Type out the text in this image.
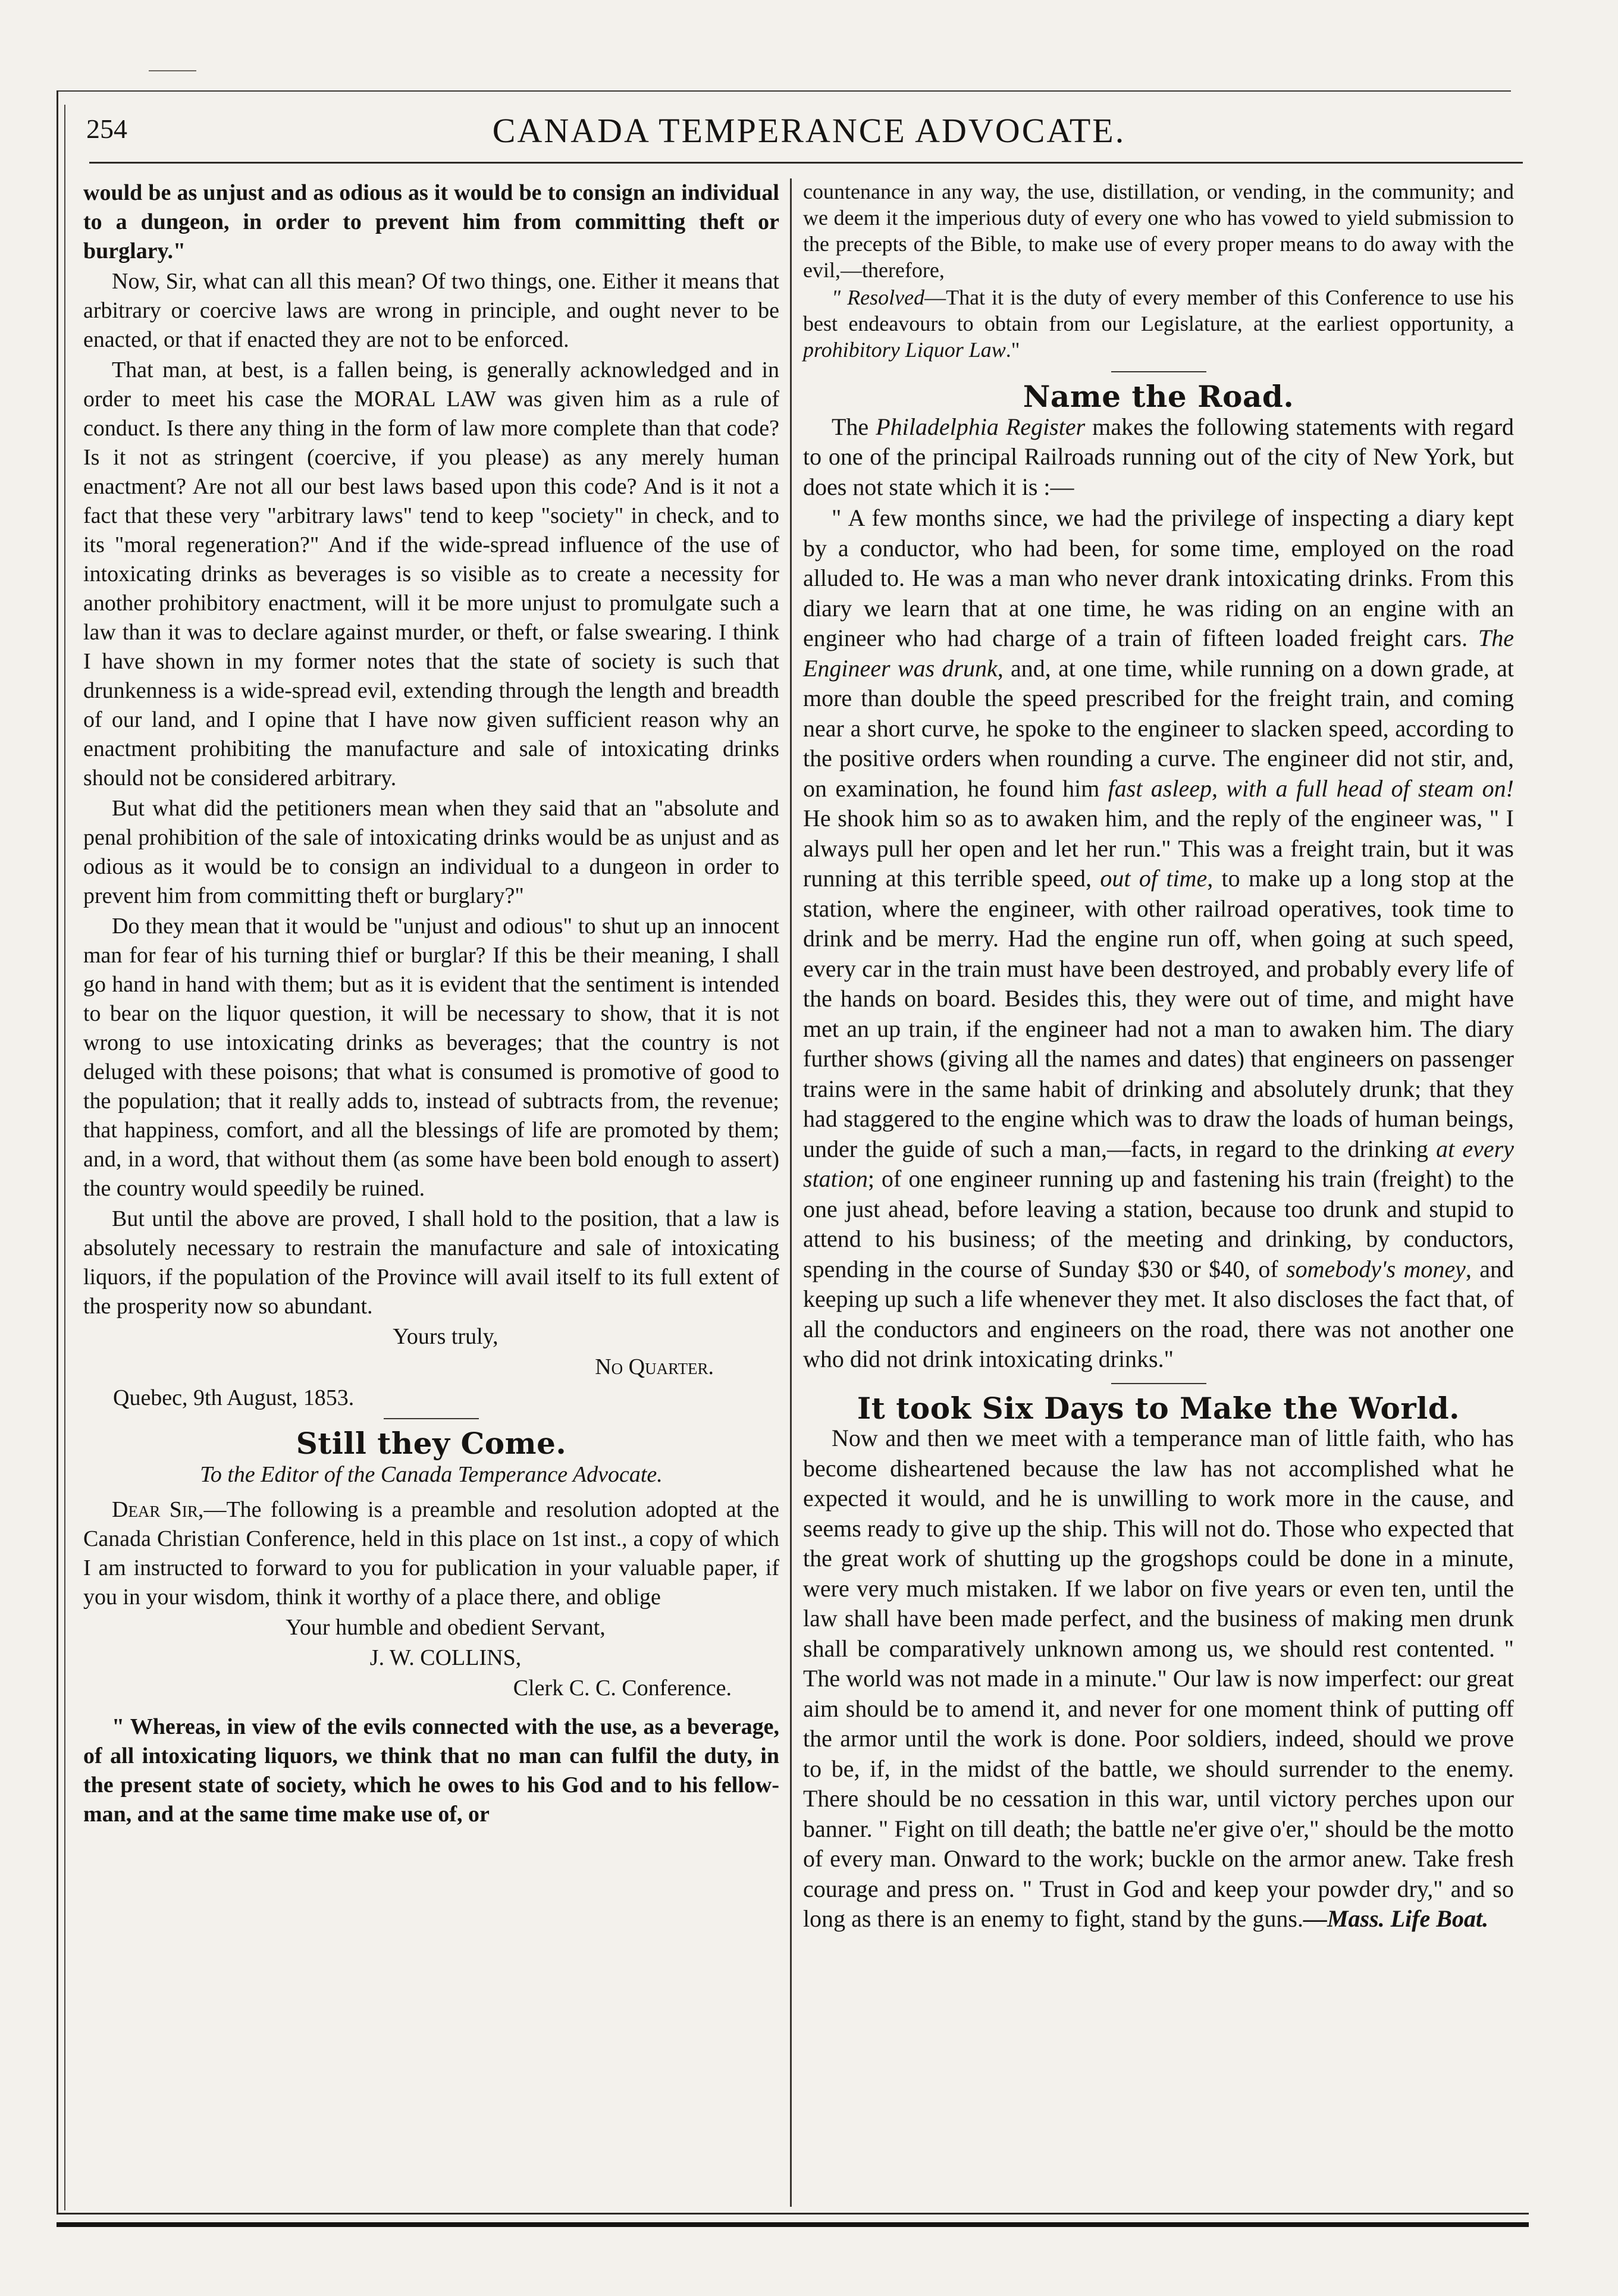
254	CANADA TEMPERANCE ADVOCATE.

would be as unjust and as odious as it would be to consign an individual to a dungeon, in order to prevent him from committing theft or burglary."

Now, Sir, what can all this mean? Of two things, one. Either it means that arbitrary or coercive laws are wrong in principle, and ought never to be enacted, or that if enacted they are not to be enforced.

That man, at best, is a fallen being, is generally acknowledged and in order to meet his case the MORAL LAW was given him as a rule of conduct. Is there any thing in the form of law more complete than that code? Is it not as stringent (coercive, if you please) as any merely human enactment? Are not all our best laws based upon this code? And is it not a fact that these very "arbitrary laws" tend to keep "society" in check, and to its "moral regeneration?" And if the wide-spread influence of the use of intoxicating drinks as beverages is so visible as to create a necessity for another prohibitory enactment, will it be more unjust to promulgate such a law than it was to declare against murder, or theft, or false swearing. I think I have shown in my former notes that the state of society is such that drunkenness is a wide-spread evil, extending through the length and breadth of our land, and I opine that I have now given sufficient reason why an enactment prohibiting the manufacture and sale of intoxicating drinks should not be considered arbitrary.

But what did the petitioners mean when they said that an "absolute and penal prohibition of the sale of intoxicating drinks would be as unjust and as odious as it would be to consign an individual to a dungeon in order to prevent him from committing theft or burglary?"

Do they mean that it would be "unjust and odious" to shut up an innocent man for fear of his turning thief or burglar? If this be their meaning, I shall go hand in hand with them; but as it is evident that the sentiment is intended to bear on the liquor question, it will be necessary to show, that it is not wrong to use intoxicating drinks as beverages; that the country is not deluged with these poisons; that what is consumed is promotive of good to the population; that it really adds to, instead of subtracts from, the revenue; that happiness, comfort, and all the blessings of life are promoted by them; and, in a word, that without them (as some have been bold enough to assert) the country would speedily be ruined.

But until the above are proved, I shall hold to the position, that a law is absolutely necessary to restrain the manufacture and sale of intoxicating liquors, if the population of the Province will avail itself to its full extent of the prosperity now so abundant.

Yours truly,

No Quarter.
Quebec, 9th August, 1853.
Still they Come.
To the Editor of the Canada Temperance Advocate.

Dear Sir,—The following is a preamble and resolution adopted at the Canada Christian Conference, held in this place on 1st inst., a copy of which I am instructed to forward to you for publication in your valuable paper, if you in your wisdom, think it worthy of a place there, and oblige

Your humble and obedient Servant,

J. W. COLLINS,

Clerk C. C. Conference.

" Whereas, in view of the evils connected with the use, as a beverage, of all intoxicating liquors, we think that no man can fulfil the duty, in the present state of society, which he owes to his God and to his fellow-man, and at the same time make use of, or

countenance in any way, the use, distillation, or vending, in the community; and we deem it the imperious duty of every one who has vowed to yield submission to the precepts of the Bible, to make use of every proper means to do away with the evil,—therefore,

" Resolved—That it is the duty of every member of this Conference to use his best endeavours to obtain from our Legislature, at the earliest opportunity, a prohibitory Liquor Law."

Name the Road.

The Philadelphia Register makes the following statements with regard to one of the principal Railroads running out of the city of New York, but does not state which it is :—

" A few months since, we had the privilege of inspecting a diary kept by a conductor, who had been, for some time, employed on the road alluded to. He was a man who never drank intoxicating drinks. From this diary we learn that at one time, he was riding on an engine with an engineer who had charge of a train of fifteen loaded freight cars. The Engineer was drunk, and, at one time, while running on a down grade, at more than double the speed prescribed for the freight train, and coming near a short curve, he spoke to the engineer to slacken speed, according to the positive orders when rounding a curve. The engineer did not stir, and, on examination, he found him fast asleep, with a full head of steam on! He shook him so as to awaken him, and the reply of the engineer was, " I always pull her open and let her run." This was a freight train, but it was running at this terrible speed, out of time, to make up a long stop at the station, where the engineer, with other railroad operatives, took time to drink and be merry. Had the engine run off, when going at such speed, every car in the train must have been destroyed, and probably every life of the hands on board. Besides this, they were out of time, and might have met an up train, if the engineer had not a man to awaken him. The diary further shows (giving all the names and dates) that engineers on passenger trains were in the same habit of drinking and absolutely drunk; that they had staggered to the engine which was to draw the loads of human beings, under the guide of such a man,—facts, in regard to the drinking at every station; of one engineer running up and fastening his train (freight) to the one just ahead, before leaving a station, because too drunk and stupid to attend to his business; of the meeting and drinking, by conductors, spending in the course of Sunday $30 or $40, of somebody's money, and keeping up such a life whenever they met. It also discloses the fact that, of all the conductors and engineers on the road, there was not another one who did not drink intoxicating drinks."

It took Six Days to Make the World.

Now and then we meet with a temperance man of little faith, who has become disheartened because the law has not accomplished what he expected it would, and he is unwilling to work more in the cause, and seems ready to give up the ship. This will not do. Those who expected that the great work of shutting up the grogshops could be done in a minute, were very much mistaken. If we labor on five years or even ten, until the law shall have been made perfect, and the business of making men drunk shall be comparatively unknown among us, we should rest contented. " The world was not made in a minute." Our law is now imperfect: our great aim should be to amend it, and never for one moment think of putting off the armor until the work is done. Poor soldiers, indeed, should we prove to be, if, in the midst of the battle, we should surrender to the enemy. There should be no cessation in this war, until victory perches upon our banner. " Fight on till death; the battle ne'er give o'er," should be the motto of every man. Onward to the work; buckle on the armor anew. Take fresh courage and press on. " Trust in God and keep your powder dry," and so long as there is an enemy to fight, stand by the guns.—Mass. Life Boat.
